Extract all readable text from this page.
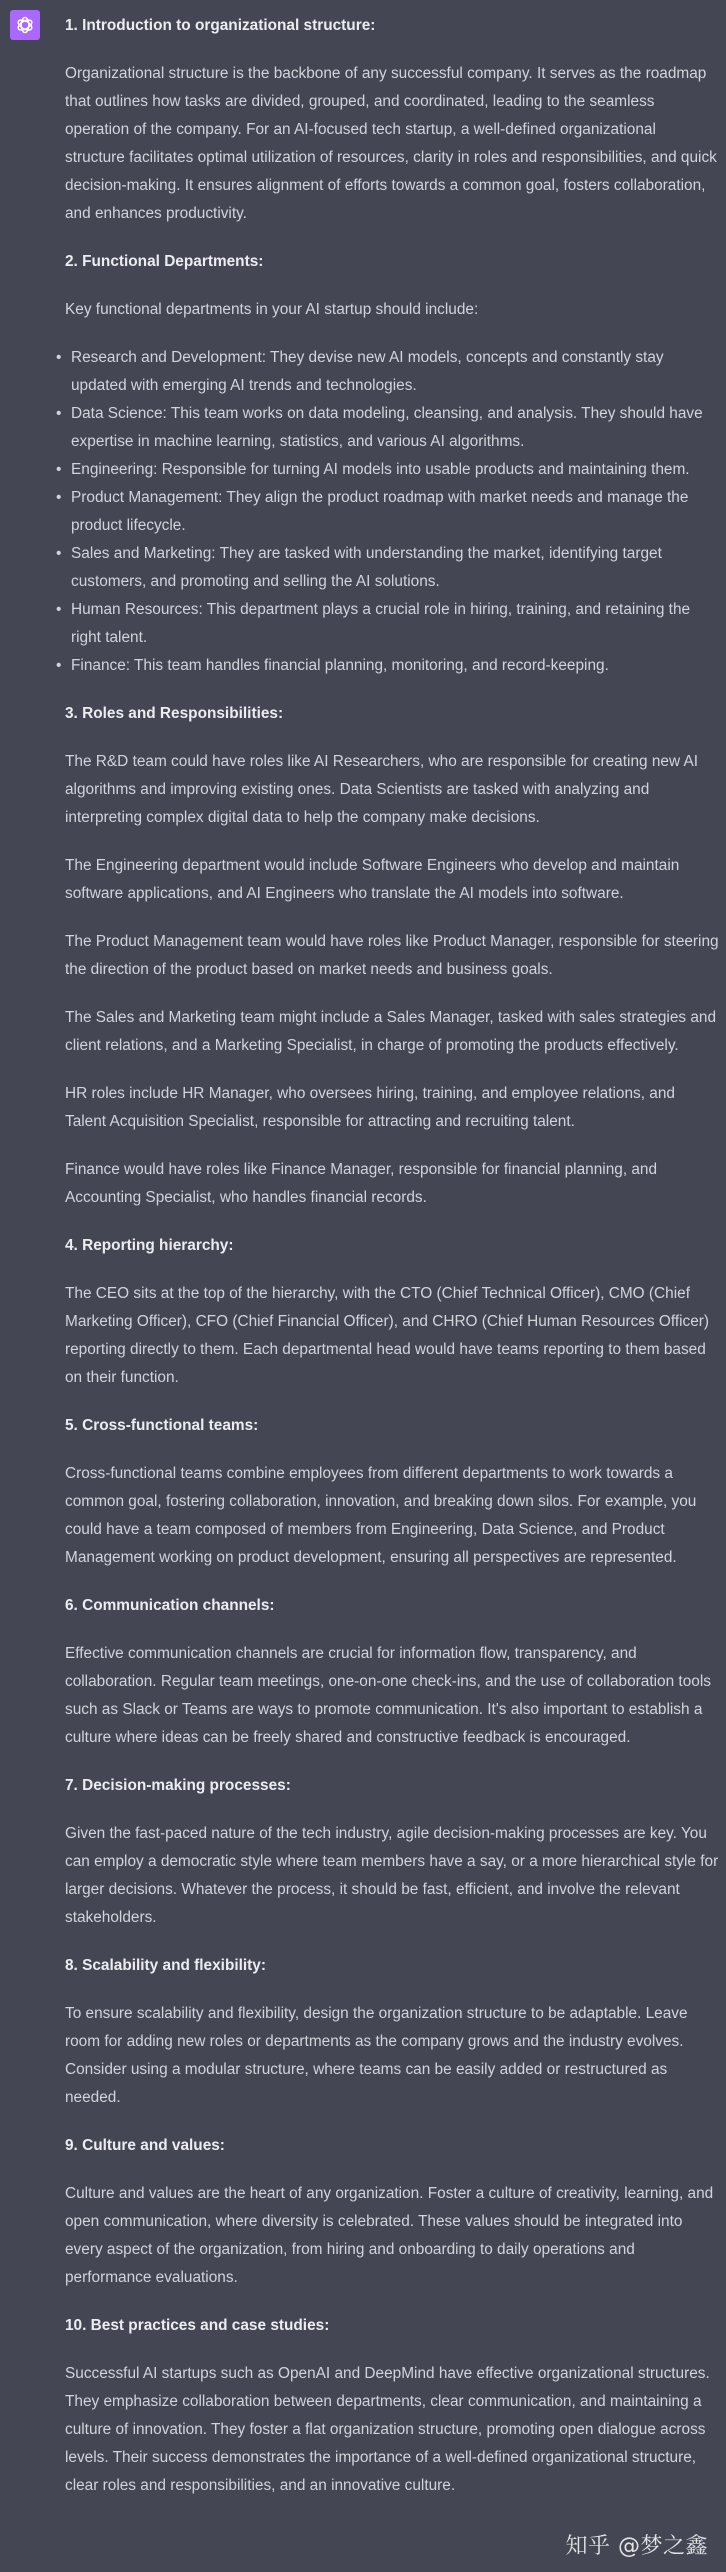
1. Introduction to organizational structure:
Organizational structure is the backbone of any successful company. It serves as the roadmap that outlines how tasks are divided, grouped, and coordinated, leading to the seamless operation of the company. For an AI-focused tech startup, a well-defined organizational structure facilitates optimal utilization of resources, clarity in roles and responsibilities, and quick decision-making. It ensures alignment of efforts towards a common goal, fosters collaboration, and enhances productivity.
2. Functional Departments:
Key functional departments in your AI startup should include:
• Research and Development: They devise new AI models, concepts and constantly stay updated with emerging AI trends and technologies.
• Data Science: This team works on data modeling, cleansing, and analysis. They should have expertise in machine learning, statistics, and various AI algorithms.
• Engineering: Responsible for turning AI models into usable products and maintaining them.
• Product Management: They align the product roadmap with market needs and manage the product lifecycle.
• Sales and Marketing: They are tasked with understanding the market, identifying target customers, and promoting and selling the AI solutions.
• Human Resources: This department plays a crucial role in hiring, training, and retaining the right talent.
• Finance: This team handles financial planning, monitoring, and record-keeping.
3. Roles and Responsibilities:
The R&D team could have roles like AI Researchers, who are responsible for creating new AI algorithms and improving existing ones. Data Scientists are tasked with analyzing and interpreting complex digital data to help the company make decisions.
The Engineering department would include Software Engineers who develop and maintain software applications, and AI Engineers who translate the AI models into software.
The Product Management team would have roles like Product Manager, responsible for steering the direction of the product based on market needs and business goals.
The Sales and Marketing team might include a Sales Manager, tasked with sales strategies and client relations, and a Marketing Specialist, in charge of promoting the products effectively.
HR roles include HR Manager, who oversees hiring, training, and employee relations, and Talent Acquisition Specialist, responsible for attracting and recruiting talent.
Finance would have roles like Finance Manager, responsible for financial planning, and Accounting Specialist, who handles financial records.
4. Reporting hierarchy:
The CEO sits at the top of the hierarchy, with the CTO (Chief Technical Officer), CMO (Chief Marketing Officer), CFO (Chief Financial Officer), and CHRO (Chief Human Resources Officer) reporting directly to them. Each departmental head would have teams reporting to them based on their function.
5. Cross-functional teams:
Cross-functional teams combine employees from different departments to work towards a common goal, fostering collaboration, innovation, and breaking down silos. For example, you could have a team composed of members from Engineering, Data Science, and Product Management working on product development, ensuring all perspectives are represented.
6. Communication channels:
Effective communication channels are crucial for information flow, transparency, and collaboration. Regular team meetings, one-on-one check-ins, and the use of collaboration tools such as Slack or Teams are ways to promote communication. It's also important to establish a culture where ideas can be freely shared and constructive feedback is encouraged.
7. Decision-making processes:
Given the fast-paced nature of the tech industry, agile decision-making processes are key. You can employ a democratic style where team members have a say, or a more hierarchical style for larger decisions. Whatever the process, it should be fast, efficient, and involve the relevant stakeholders.
8. Scalability and flexibility:
To ensure scalability and flexibility, design the organization structure to be adaptable. Leave room for adding new roles or departments as the company grows and the industry evolves. Consider using a modular structure, where teams can be easily added or restructured as needed.
9. Culture and values:
Culture and values are the heart of any organization. Foster a culture of creativity, learning, and open communication, where diversity is celebrated. These values should be integrated into every aspect of the organization, from hiring and onboarding to daily operations and performance evaluations.
10. Best practices and case studies:
Successful AI startups such as OpenAI and DeepMind have effective organizational structures. They emphasize collaboration between departments, clear communication, and maintaining a culture of innovation. They foster a flat organization structure, promoting open dialogue across levels. Their success demonstrates the importance of a well-defined organizational structure, clear roles and responsibilities, and an innovative culture.
知乎 @梦之鑫
